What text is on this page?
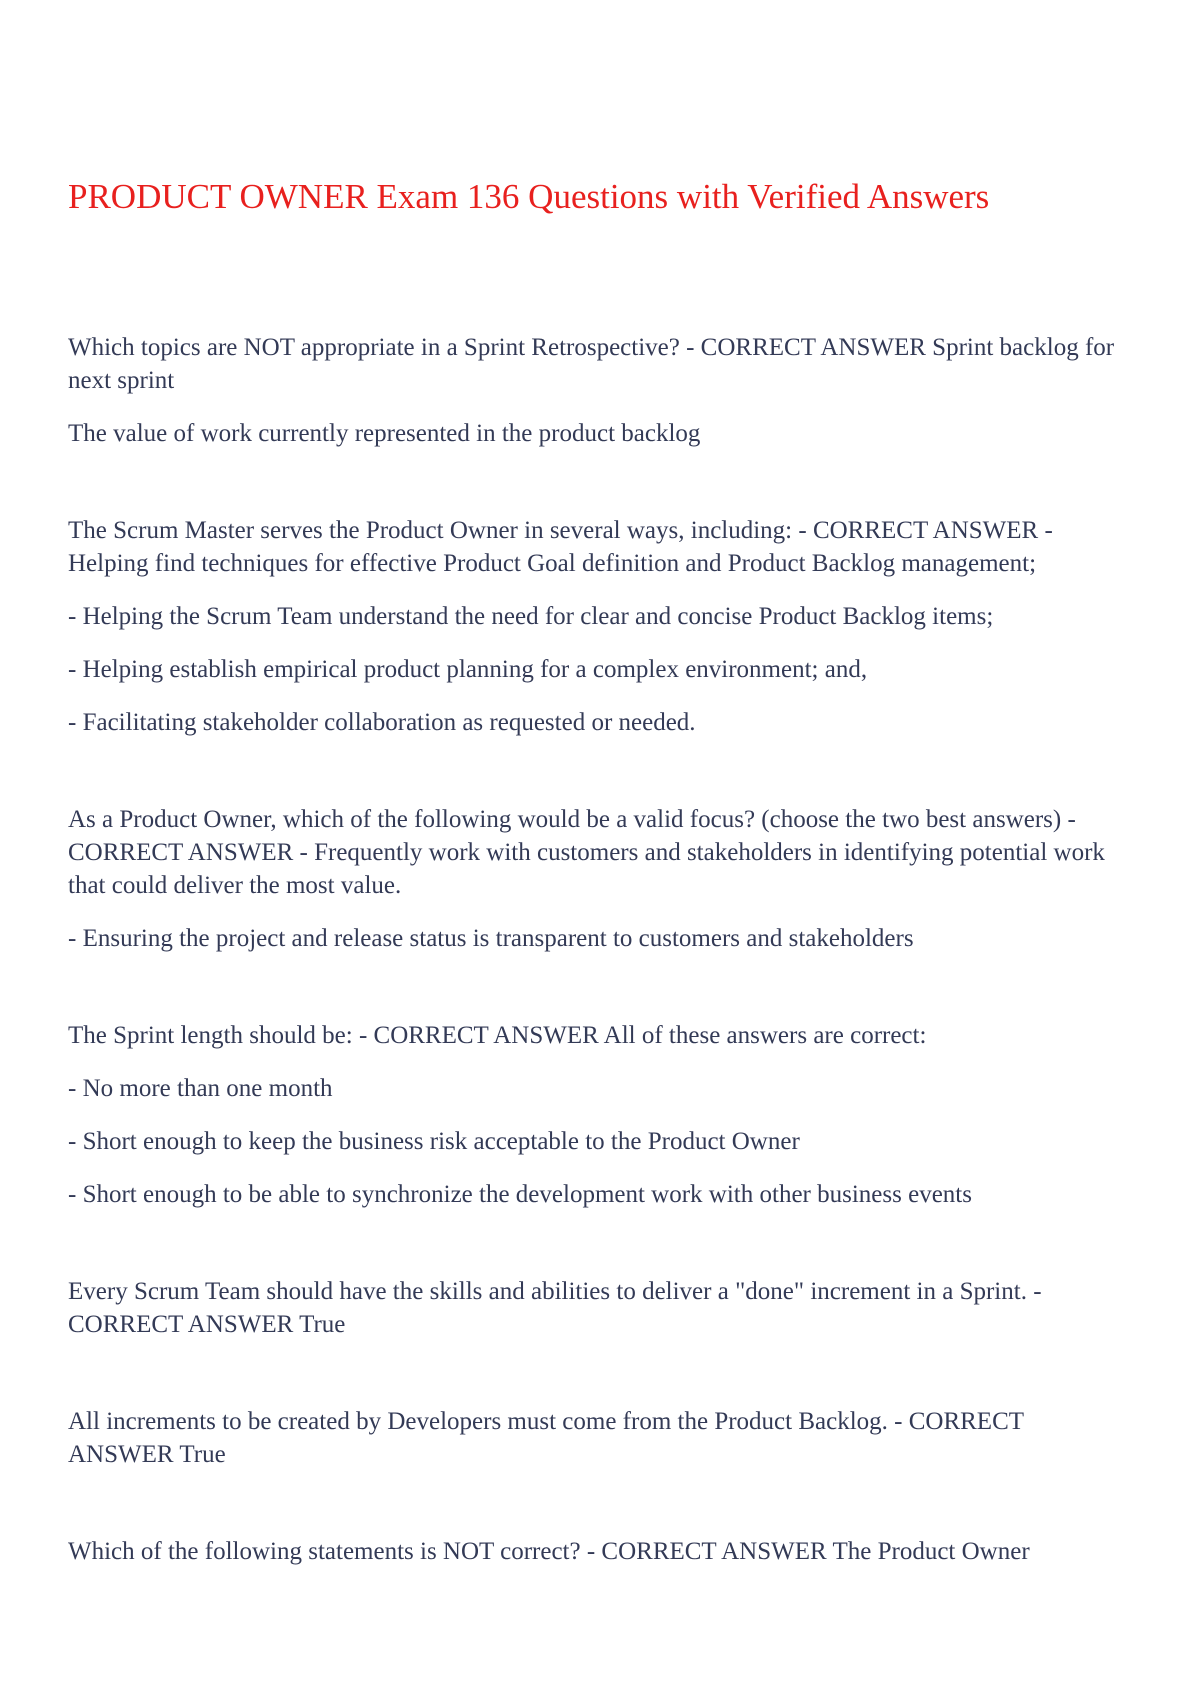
PRODUCT OWNER Exam 136 Questions with Verified Answers

Which topics are NOT appropriate in a Sprint Retrospective? - CORRECT ANSWER Sprint backlog for next sprint

The value of work currently represented in the product backlog

The Scrum Master serves the Product Owner in several ways, including: - CORRECT ANSWER - Helping find techniques for effective Product Goal definition and Product Backlog management;

- Helping the Scrum Team understand the need for clear and concise Product Backlog items;

- Helping establish empirical product planning for a complex environment; and,

- Facilitating stakeholder collaboration as requested or needed.

As a Product Owner, which of the following would be a valid focus? (choose the two best answers) - CORRECT ANSWER - Frequently work with customers and stakeholders in identifying potential work that could deliver the most value.

- Ensuring the project and release status is transparent to customers and stakeholders

The Sprint length should be: - CORRECT ANSWER All of these answers are correct:

- No more than one month

- Short enough to keep the business risk acceptable to the Product Owner

- Short enough to be able to synchronize the development work with other business events

Every Scrum Team should have the skills and abilities to deliver a "done" increment in a Sprint. - CORRECT ANSWER True

All increments to be created by Developers must come from the Product Backlog. - CORRECT ANSWER True

Which of the following statements is NOT correct? - CORRECT ANSWER The Product Owner
